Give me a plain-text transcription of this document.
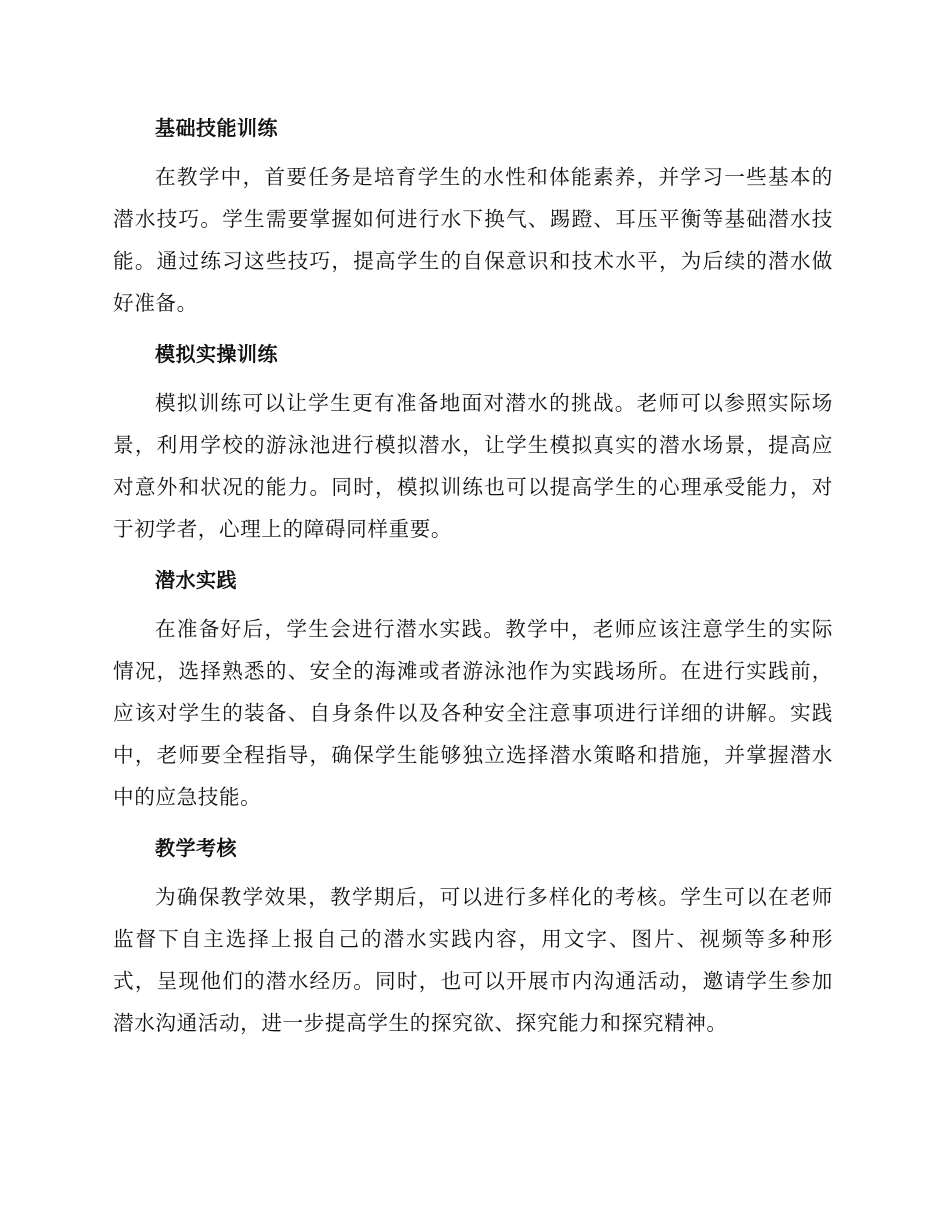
基础技能训练

在教学中，首要任务是培育学生的水性和体能素养，并学习一些基本的潜水技巧。学生需要掌握如何进行水下换气、踢蹬、耳压平衡等基础潜水技能。通过练习这些技巧，提高学生的自保意识和技术水平，为后续的潜水做好准备。

模拟实操训练

模拟训练可以让学生更有准备地面对潜水的挑战。老师可以参照实际场景，利用学校的游泳池进行模拟潜水，让学生模拟真实的潜水场景，提高应对意外和状况的能力。同时，模拟训练也可以提高学生的心理承受能力，对于初学者，心理上的障碍同样重要。

潜水实践

在准备好后，学生会进行潜水实践。教学中，老师应该注意学生的实际情况，选择熟悉的、安全的海滩或者游泳池作为实践场所。在进行实践前，应该对学生的装备、自身条件以及各种安全注意事项进行详细的讲解。实践中，老师要全程指导，确保学生能够独立选择潜水策略和措施，并掌握潜水中的应急技能。

教学考核

为确保教学效果，教学期后，可以进行多样化的考核。学生可以在老师监督下自主选择上报自己的潜水实践内容，用文字、图片、视频等多种形式，呈现他们的潜水经历。同时，也可以开展市内沟通活动，邀请学生参加潜水沟通活动，进一步提高学生的探究欲、探究能力和探究精神。
